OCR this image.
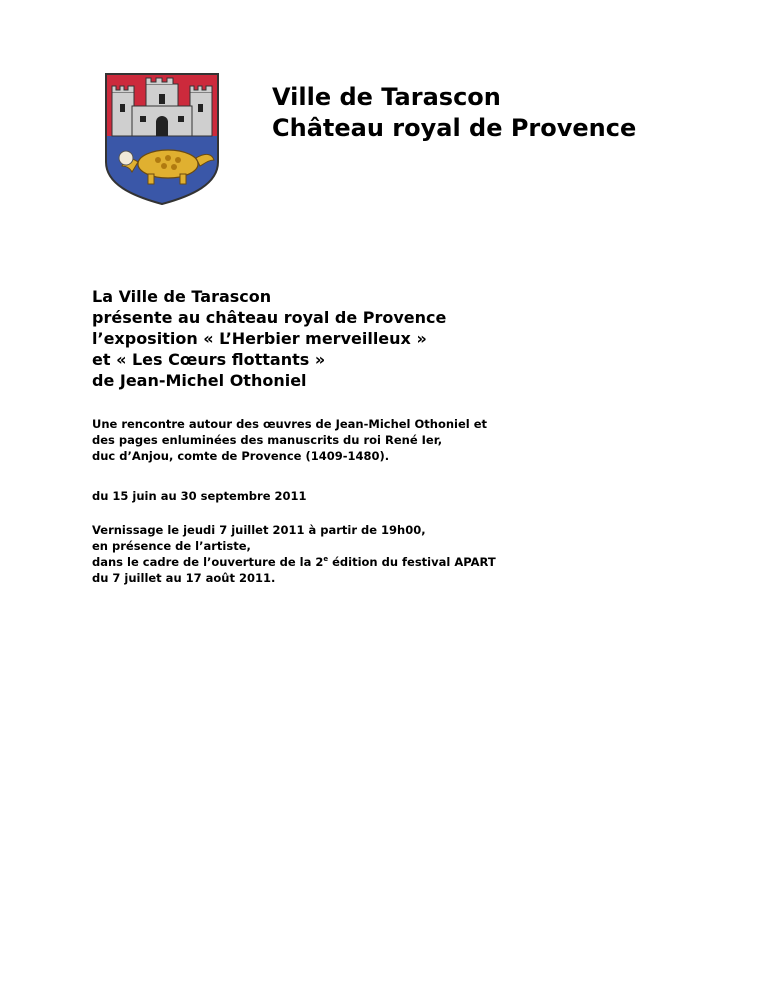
Ville de Tarascon
Château royal de Provence
La Ville de Tarascon
présente au château royal de Provence
l’exposition « L’Herbier merveilleux »
et « Les Cœurs flottants »
de Jean-Michel Othoniel
Une rencontre autour des œuvres de Jean-Michel Othoniel et
des pages enluminées des manuscrits du roi René Ier,
duc d’Anjou, comte de Provence (1409-1480).
du 15 juin au 30 septembre 2011
Vernissage le jeudi 7 juillet 2011 à partir de 19h00,
en présence de l’artiste,
dans le cadre de l’ouverture de la 2e édition du festival APART
du 7 juillet au 17 août 2011.
